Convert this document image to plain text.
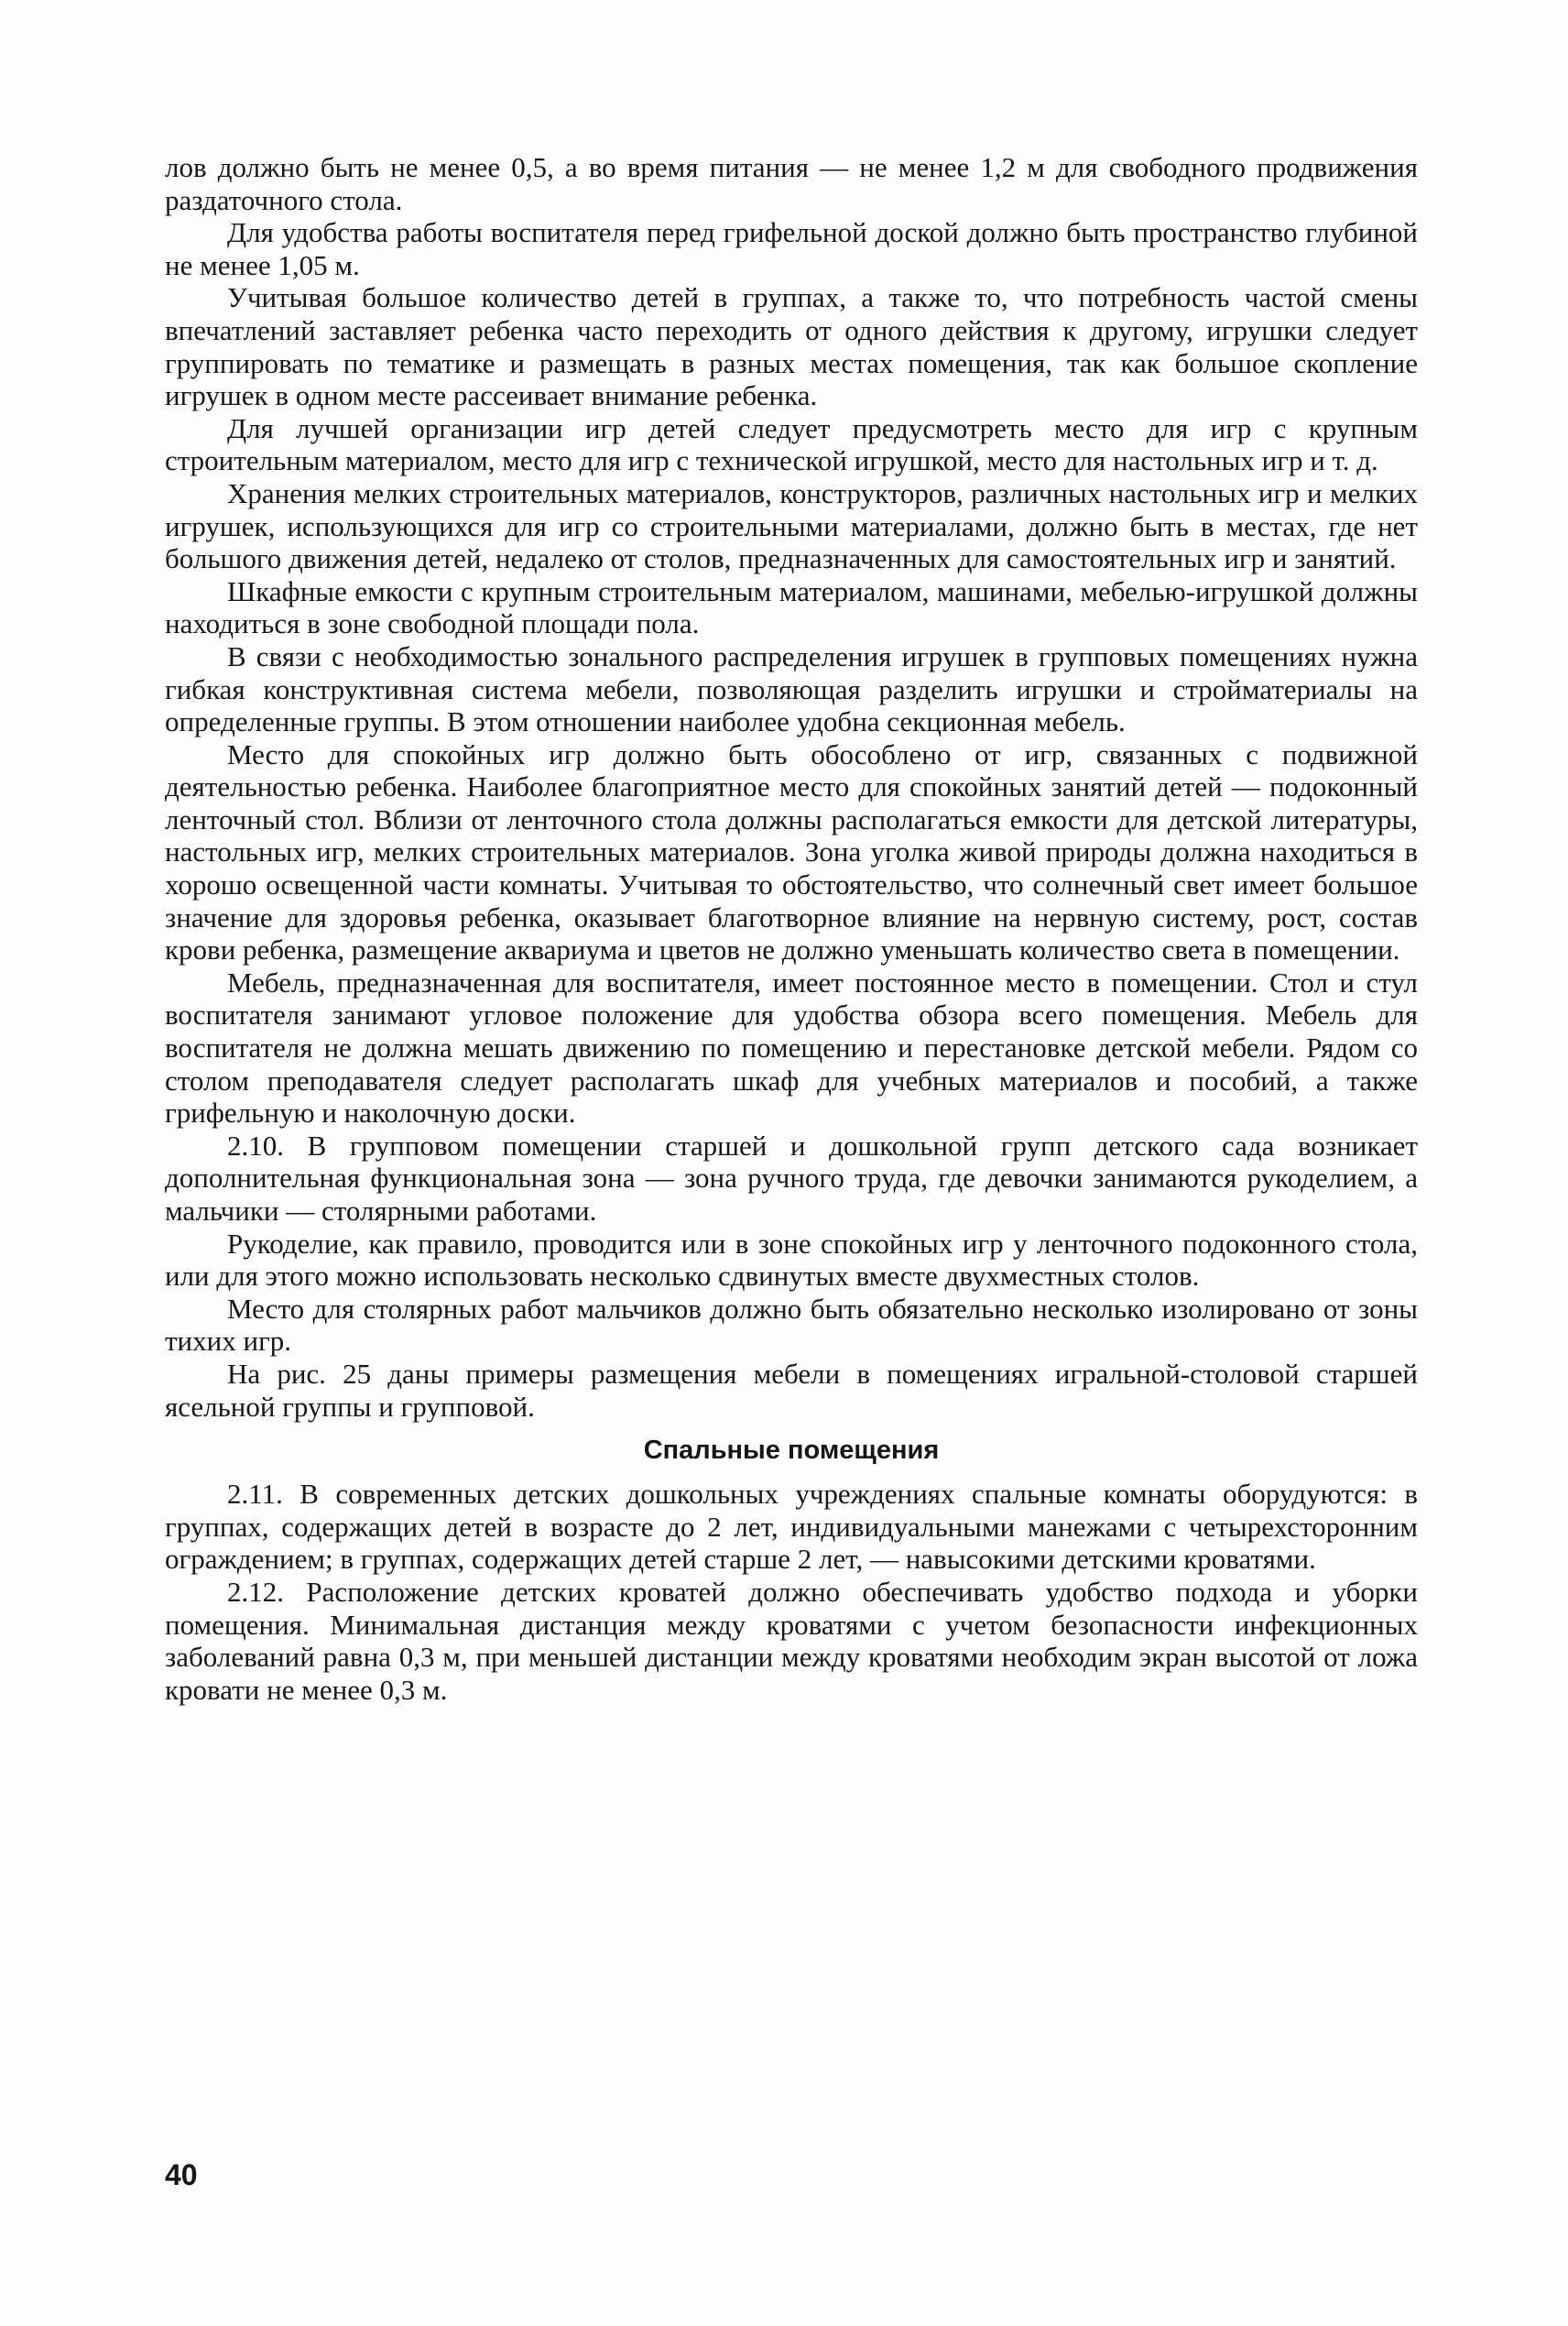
лов должно быть не менее 0,5, а во время питания — не менее 1,2 м для свободного продвижения раздаточного стола.

Для удобства работы воспитателя перед грифельной доской должно быть пространство глубиной не менее 1,05 м.

Учитывая большое количество детей в группах, а также то, что потребность частой смены впечатлений заставляет ребенка часто переходить от одного действия к другому, игрушки следует группировать по тематике и размещать в разных местах помещения, так как большое скопление игрушек в одном месте рассеивает внимание ребенка.

Для лучшей организации игр детей следует предусмотреть место для игр с крупным строительным материалом, место для игр с технической игрушкой, место для настольных игр и т. д.

Хранения мелких строительных материалов, конструкторов, различных настольных игр и мелких игрушек, использующихся для игр со строительными материалами, должно быть в местах, где нет большого движения детей, недалеко от столов, предназначенных для самостоятельных игр и занятий.

Шкафные емкости с крупным строительным материалом, машинами, мебелью-игрушкой должны находиться в зоне свободной площади пола.

В связи с необходимостью зонального распределения игрушек в групповых помещениях нужна гибкая конструктивная система мебели, позволяющая разделить игрушки и стройматериалы на определенные группы. В этом отношении наиболее удобна секционная мебель.

Место для спокойных игр должно быть обособлено от игр, связанных с подвижной деятельностью ребенка. Наиболее благоприятное место для спокойных занятий детей — подоконный ленточный стол. Вблизи от ленточного стола должны располагаться емкости для детской литературы, настольных игр, мелких строительных материалов. Зона уголка живой природы должна находиться в хорошо освещенной части комнаты. Учитывая то обстоятельство, что солнечный свет имеет большое значение для здоровья ребенка, оказывает благотворное влияние на нервную систему, рост, состав крови ребенка, размещение аквариума и цветов не должно уменьшать количество света в помещении.

Мебель, предназначенная для воспитателя, имеет постоянное место в помещении. Стол и стул воспитателя занимают угловое положение для удобства обзора всего помещения. Мебель для воспитателя не должна мешать движению по помещению и перестановке детской мебели. Рядом со столом преподавателя следует располагать шкаф для учебных материалов и пособий, а также грифельную и наколочную доски.

2.10. В групповом помещении старшей и дошкольной групп детского сада возникает дополнительная функциональная зона — зона ручного труда, где девочки занимаются рукоделием, а мальчики — столярными работами.

Рукоделие, как правило, проводится или в зоне спокойных игр у ленточного подоконного стола, или для этого можно использовать несколько сдвинутых вместе двухместных столов.

Место для столярных работ мальчиков должно быть обязательно несколько изолировано от зоны тихих игр.

На рис. 25 даны примеры размещения мебели в помещениях игральной-столовой старшей ясельной группы и групповой.

Спальные помещения

2.11. В современных детских дошкольных учреждениях спальные комнаты оборудуются: в группах, содержащих детей в возрасте до 2 лет, индивидуальными манежами с четырехсторонним ограждением; в группах, содержащих детей старше 2 лет, — навысокими детскими кроватями.

2.12. Расположение детских кроватей должно обеспечивать удобство подхода и уборки помещения. Минимальная дистанция между кроватями с учетом безопасности инфекционных заболеваний равна 0,3 м, при меньшей дистанции между кроватями необходим экран высотой от ложа кровати не менее 0,3 м.

40
